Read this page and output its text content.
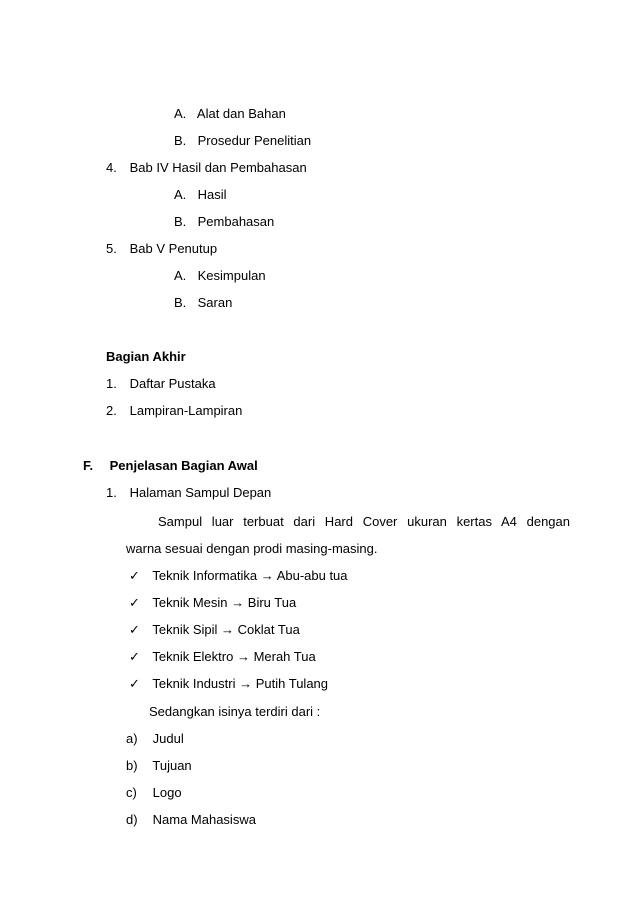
A. Alat dan Bahan
B. Prosedur Penelitian
4. Bab IV Hasil dan Pembahasan
A. Hasil
B. Pembahasan
5. Bab V Penutup
A. Kesimpulan
B. Saran
Bagian Akhir
1. Daftar Pustaka
2. Lampiran-Lampiran
F. Penjelasan Bagian Awal
1. Halaman Sampul Depan
Sampul luar terbuat dari Hard Cover ukuran kertas A4 dengan
warna sesuai dengan prodi masing-masing.
✓ Teknik Informatika → Abu-abu tua
✓ Teknik Mesin → Biru Tua
✓ Teknik Sipil → Coklat Tua
✓ Teknik Elektro → Merah Tua
✓ Teknik Industri → Putih Tulang
Sedangkan isinya terdiri dari :
a) Judul
b) Tujuan
c) Logo
d) Nama Mahasiswa
